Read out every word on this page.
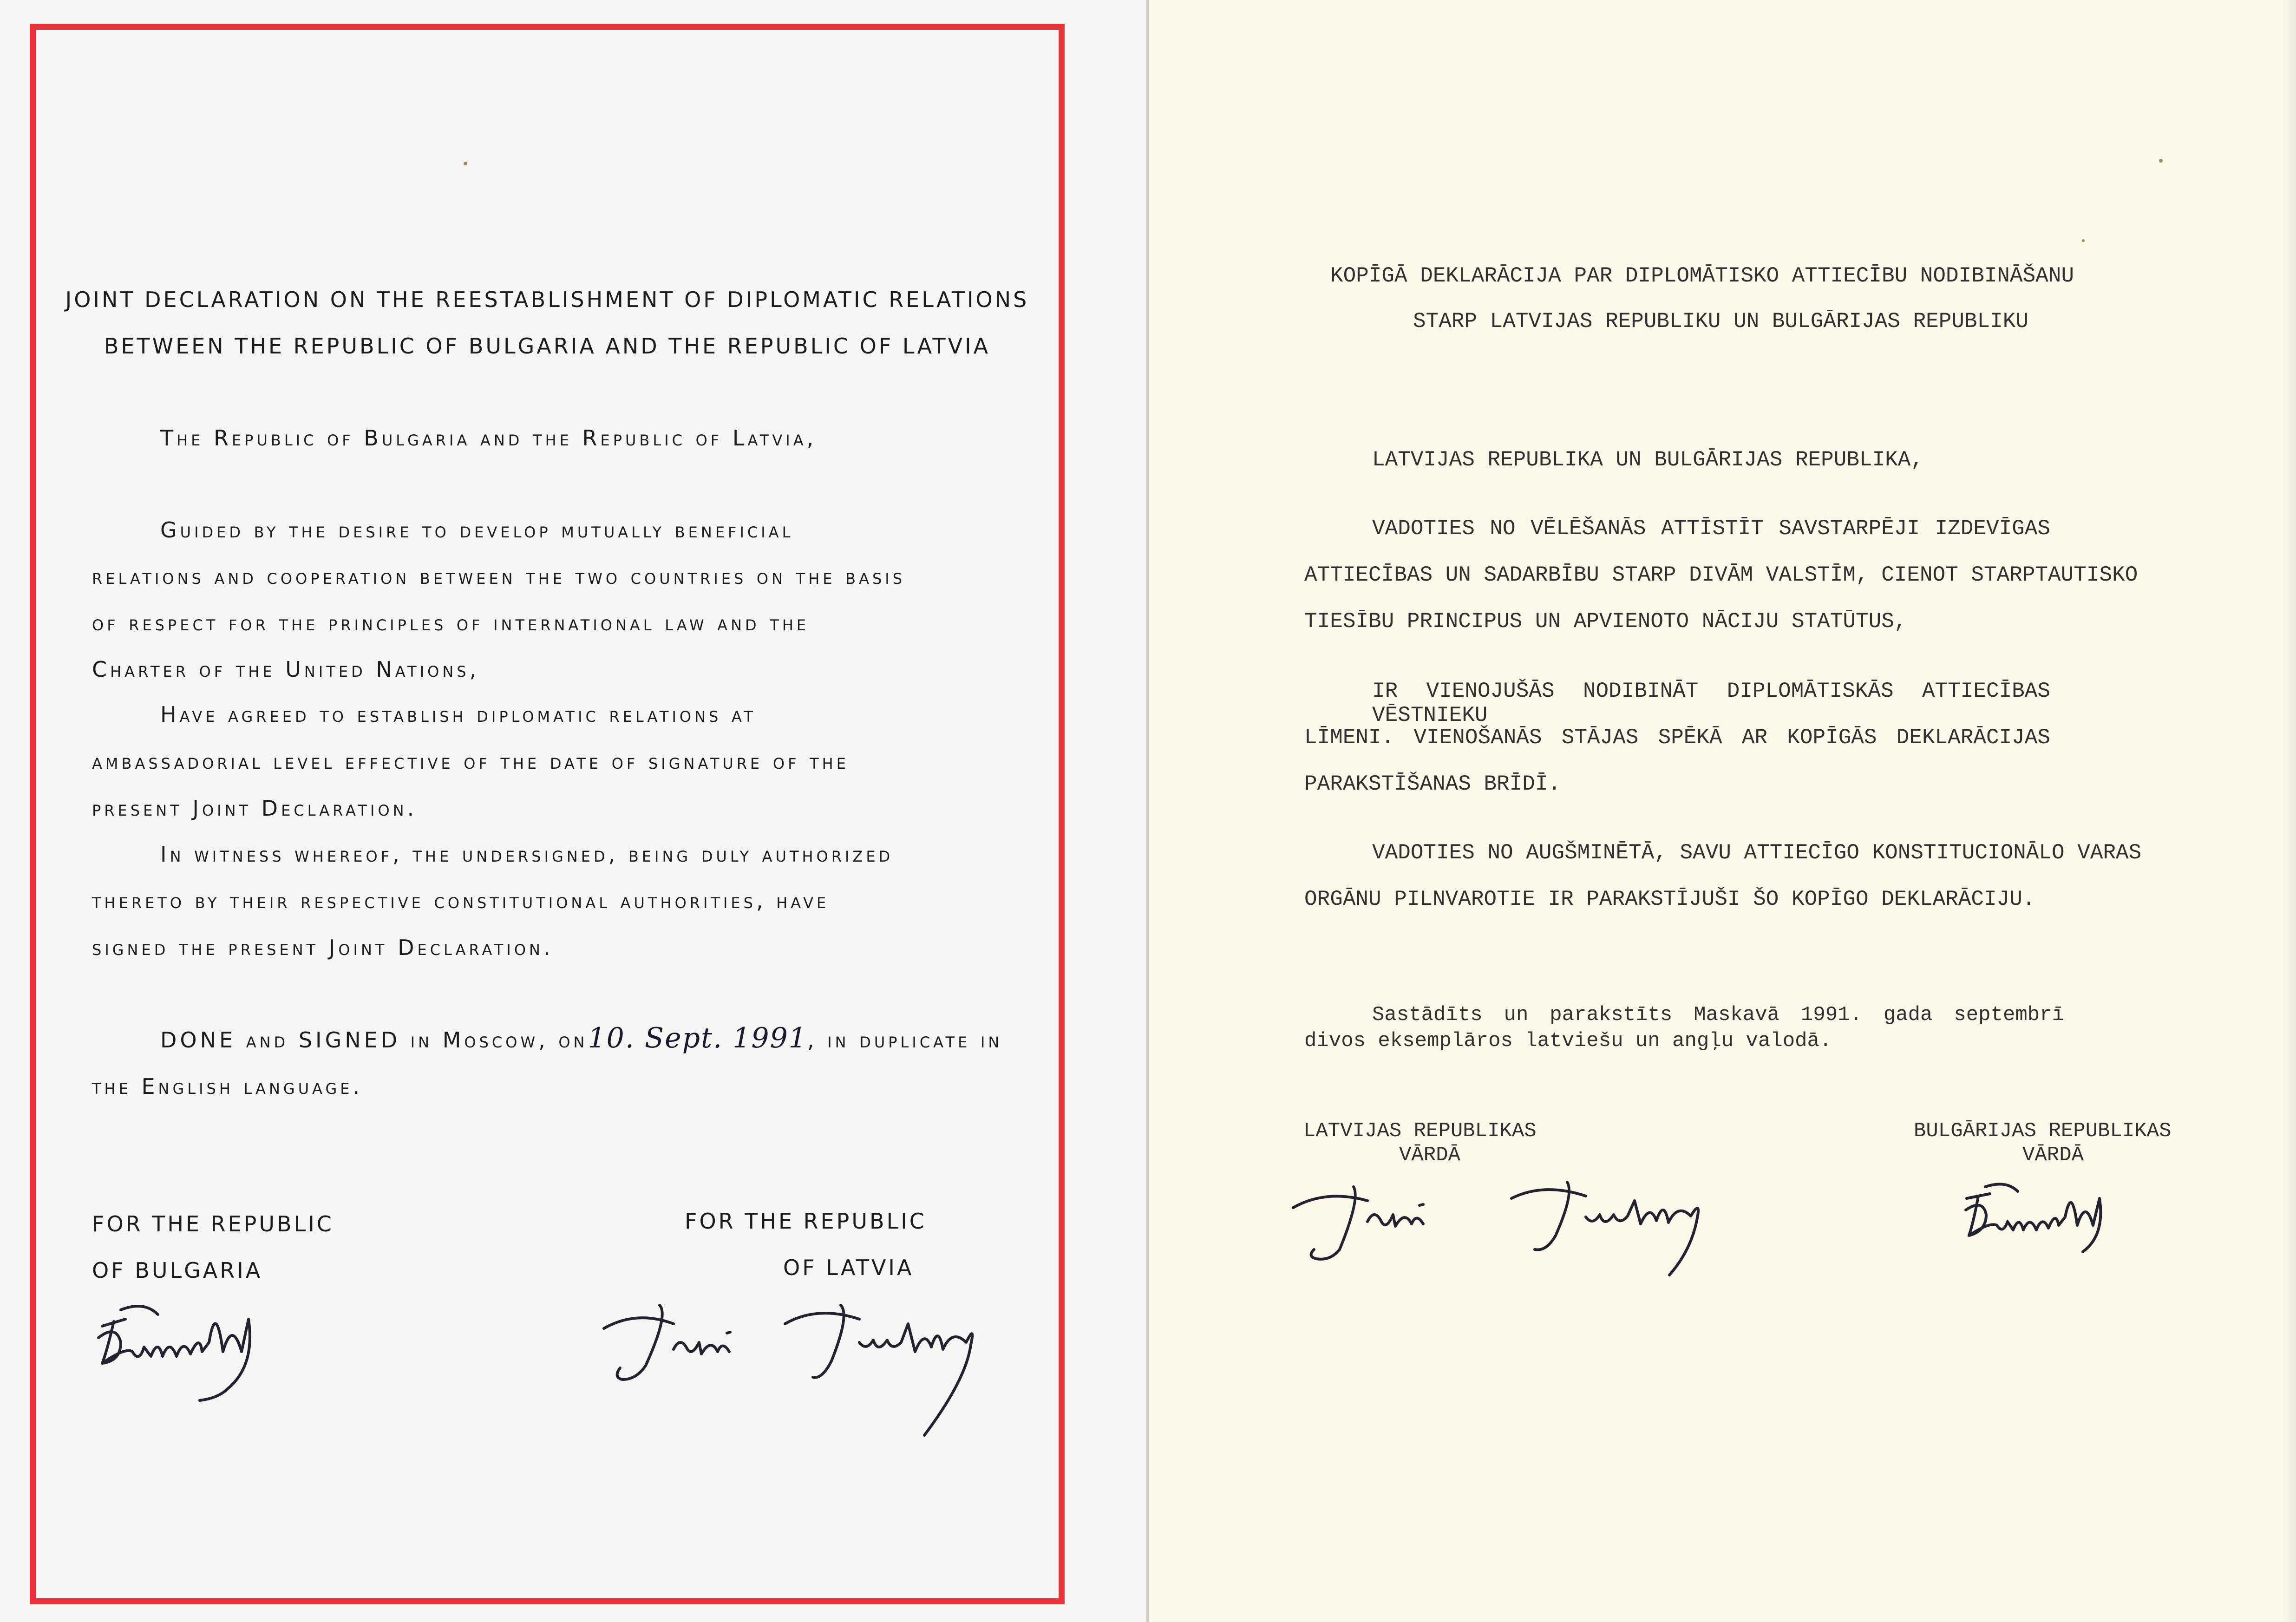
JOINT DECLARATION ON THE REESTABLISHMENT OF DIPLOMATIC RELATIONS
BETWEEN THE REPUBLIC OF BULGARIA AND THE REPUBLIC OF LATVIA
The Republic of Bulgaria and the Republic of Latvia,
Guided by the desire to develop mutually beneficial
relations and cooperation between the two countries on the basis
of respect for the principles of international law and the
Charter of the United Nations,
Have agreed to establish diplomatic relations at
ambassadorial level effective of the date of signature of the
present Joint Declaration.
In witness whereof, the undersigned, being duly authorized
thereto by their respective constitutional authorities, have
signed the present Joint Declaration.
DONE and SIGNED in Moscow, on10. Sept. 1991, in duplicate in
the English language.
FOR THE REPUBLIC
OF BULGARIA
FOR THE REPUBLIC
OF LATVIA
KOPĪGĀ DEKLARĀCIJA PAR DIPLOMĀTISKO ATTIECĪBU NODIBINĀŠANU
STARP LATVIJAS REPUBLIKU UN BULGĀRIJAS REPUBLIKU
LATVIJAS REPUBLIKA UN BULGĀRIJAS REPUBLIKA,
VADOTIES NO VĒLĒŠANĀS ATTĪSTĪT SAVSTARPĒJI IZDEVĪGAS
ATTIECĪBAS UN SADARBĪBU STARP DIVĀM VALSTĪM, CIENOT STARPTAUTISKO
TIESĪBU PRINCIPUS UN APVIENOTO NĀCIJU STATŪTUS,
IR VIENOJUŠĀS NODIBINĀT DIPLOMĀTISKĀS ATTIECĪBAS VĒSTNIEKU
LĪMENI. VIENOŠANĀS STĀJAS SPĒKĀ AR KOPĪGĀS DEKLARĀCIJAS
PARAKSTĪŠANAS BRĪDĪ.
VADOTIES NO AUGŠMINĒTĀ, SAVU ATTIECĪGO KONSTITUCIONĀLO VARAS
ORGĀNU PILNVAROTIE IR PARAKSTĪJUŠI ŠO KOPĪGO DEKLARĀCIJU.
Sastādīts un parakstīts Maskavā 1991. gada septembrī
divos eksemplāros latviešu un angļu valodā.
LATVIJAS REPUBLIKAS
VĀRDĀ
BULGĀRIJAS REPUBLIKAS
VĀRDĀ
